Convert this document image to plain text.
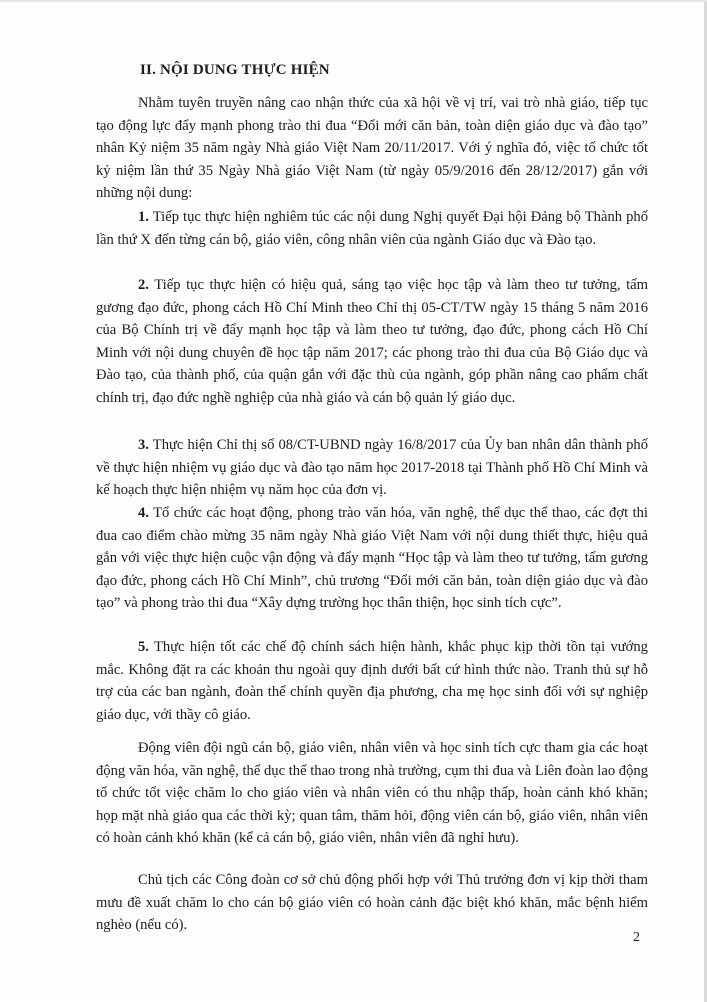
II. NỘI DUNG THỰC HIỆN

Nhằm tuyên truyền nâng cao nhận thức của xã hội về vị trí, vai trò nhà giáo, tiếp tục tạo động lực đẩy mạnh phong trào thi đua “Đổi mới căn bản, toàn diện giáo dục và đào tạo” nhân Kỷ niệm 35 năm ngày Nhà giáo Việt Nam 20/11/2017. Với ý nghĩa đó, việc tổ chức tốt kỷ niệm lần thứ 35 Ngày Nhà giáo Việt Nam (từ ngày 05/9/2016 đến 28/12/2017) gắn với những nội dung:

1. Tiếp tục thực hiện nghiêm túc các nội dung Nghị quyết Đại hội Đảng bộ Thành phố lần thứ X đến từng cán bộ, giáo viên, công nhân viên của ngành Giáo dục và Đào tạo.

2. Tiếp tục thực hiện có hiệu quả, sáng tạo việc học tập và làm theo tư tưởng, tấm gương đạo đức, phong cách Hồ Chí Minh theo Chỉ thị 05-CT/TW ngày 15 tháng 5 năm 2016 của Bộ Chính trị về đẩy mạnh học tập và làm theo tư tưởng, đạo đức, phong cách Hồ Chí Minh với nội dung chuyên đề học tập năm 2017; các phong trào thi đua của Bộ Giáo dục và Đào tạo, của thành phố, của quận gắn với đặc thù của ngành, góp phần nâng cao phẩm chất chính trị, đạo đức nghề nghiệp của nhà giáo và cán bộ quản lý giáo dục.

3. Thực hiện Chỉ thị số 08/CT-UBND ngày 16/8/2017 của Ủy ban nhân dân thành phố về thực hiện nhiệm vụ giáo dục và đào tạo năm học 2017-2018 tại Thành phố Hồ Chí Minh và kế hoạch thực hiện nhiệm vụ năm học của đơn vị.

4. Tổ chức các hoạt động, phong trào văn hóa, văn nghệ, thể dục thể thao, các đợt thi đua cao điểm chào mừng 35 năm ngày Nhà giáo Việt Nam với nội dung thiết thực, hiệu quả gắn với việc thực hiện cuộc vận động và đẩy mạnh “Học tập và làm theo tư tưởng, tấm gương đạo đức, phong cách Hồ Chí Minh”, chủ trương “Đổi mới căn bản, toàn diện giáo dục và đào tạo” và phong trào thi đua “Xây dựng trường học thân thiện, học sinh tích cực”.

5. Thực hiện tốt các chế độ chính sách hiện hành, khắc phục kịp thời tồn tại vướng mắc. Không đặt ra các khoản thu ngoài quy định dưới bất cứ hình thức nào. Tranh thủ sự hỗ trợ của các ban ngành, đoàn thể chính quyền địa phương, cha mẹ học sinh đối với sự nghiệp giáo dục, với thầy cô giáo.

Động viên đội ngũ cán bộ, giáo viên, nhân viên và học sinh tích cực tham gia các hoạt động văn hóa, văn nghệ, thể dục thể thao trong nhà trường, cụm thi đua và Liên đoàn lao động tổ chức tốt việc chăm lo cho giáo viên và nhân viên có thu nhập thấp, hoàn cảnh khó khăn; họp mặt nhà giáo qua các thời kỳ; quan tâm, thăm hỏi, động viên cán bộ, giáo viên, nhân viên có hoàn cảnh khó khăn (kể cả cán bộ, giáo viên, nhân viên đã nghỉ hưu).

Chủ tịch các Công đoàn cơ sở chủ động phối hợp với Thủ trưởng đơn vị kịp thời tham mưu đề xuất chăm lo cho cán bộ giáo viên có hoàn cảnh đặc biệt khó khăn, mắc bệnh hiểm nghèo (nếu có).

2
